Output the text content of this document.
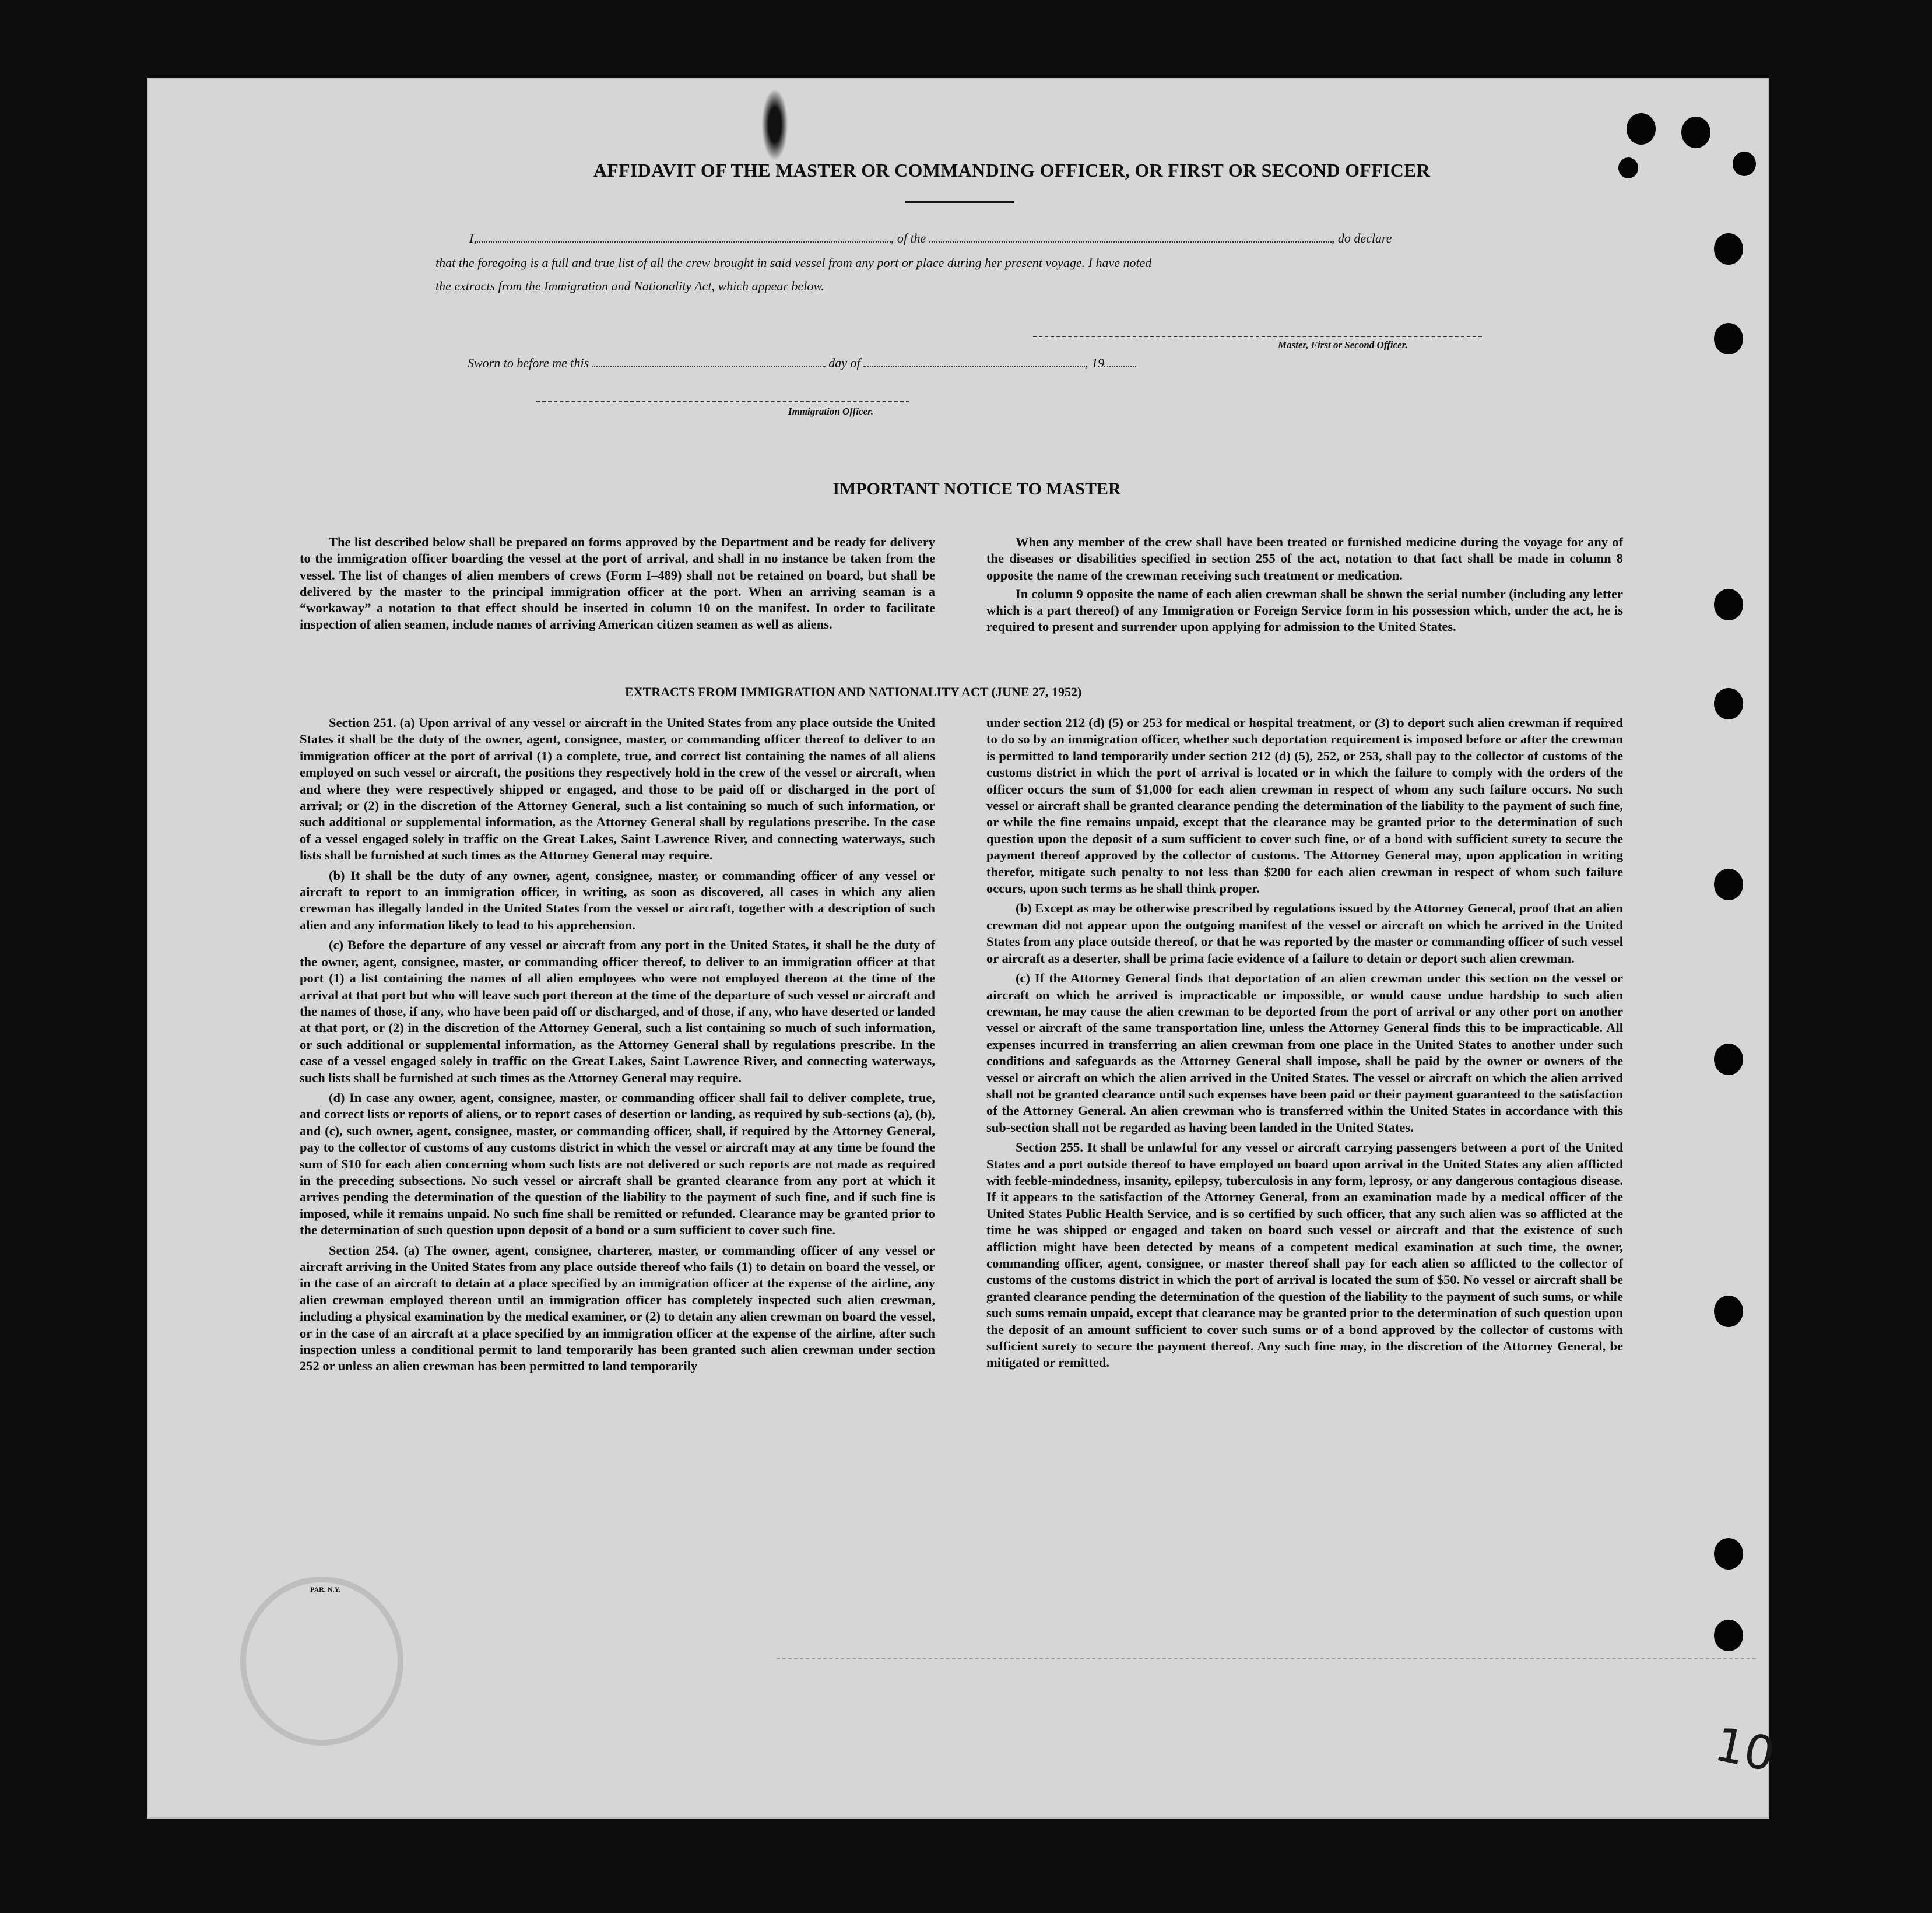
AFFIDAVIT OF THE MASTER OR COMMANDING OFFICER, OR FIRST OR SECOND OFFICER
I,	, of the	, do declare
that the foregoing is a full and true list of all the crew brought in said vessel from any port or place during her present voyage. I have noted
the extracts from the Immigration and Nationality Act, which appear below.
Master, First or Second Officer.
Sworn to before me this	day of	, 19
Immigration Officer.
IMPORTANT NOTICE TO MASTER

The list described below shall be prepared on forms approved by the Department and be ready for delivery to the immigration officer boarding the vessel at the port of arrival, and shall in no instance be taken from the vessel. The list of changes of alien members of crews (Form I–489) shall not be retained on board, but shall be delivered by the master to the principal immigration officer at the port. When an arriving seaman is a “workaway” a notation to that effect should be inserted in column 10 on the manifest. In order to facilitate inspection of alien seamen, include names of arriving American citizen seamen as well as aliens.

When any member of the crew shall have been treated or furnished medicine during the voyage for any of the diseases or disabilities specified in section 255 of the act, notation to that fact shall be made in column 8 opposite the name of the crewman receiving such treatment or medication.

In column 9 opposite the name of each alien crewman shall be shown the serial number (including any letter which is a part thereof) of any Immigration or Foreign Service form in his possession which, under the act, he is required to present and surrender upon applying for admission to the United States.

EXTRACTS FROM IMMIGRATION AND NATIONALITY ACT (JUNE 27, 1952)

Section 251. (a) Upon arrival of any vessel or aircraft in the United States from any place outside the United States it shall be the duty of the owner, agent, consignee, master, or commanding officer thereof to deliver to an immigration officer at the port of arrival (1) a complete, true, and correct list containing the names of all aliens employed on such vessel or aircraft, the positions they respectively hold in the crew of the vessel or aircraft, when and where they were respectively shipped or engaged, and those to be paid off or discharged in the port of arrival; or (2) in the discretion of the Attorney General, such a list containing so much of such information, or such additional or supplemental information, as the Attorney General shall by regulations prescribe. In the case of a vessel engaged solely in traffic on the Great Lakes, Saint Lawrence River, and connecting waterways, such lists shall be furnished at such times as the Attorney General may require.

(b) It shall be the duty of any owner, agent, consignee, master, or commanding officer of any vessel or aircraft to report to an immigration officer, in writing, as soon as discovered, all cases in which any alien crewman has illegally landed in the United States from the vessel or aircraft, together with a description of such alien and any information likely to lead to his apprehension.

(c) Before the departure of any vessel or aircraft from any port in the United States, it shall be the duty of the owner, agent, consignee, master, or commanding officer thereof, to deliver to an immigration officer at that port (1) a list containing the names of all alien employees who were not employed thereon at the time of the arrival at that port but who will leave such port thereon at the time of the departure of such vessel or aircraft and the names of those, if any, who have been paid off or discharged, and of those, if any, who have deserted or landed at that port, or (2) in the discretion of the Attorney General, such a list containing so much of such information, or such additional or supplemental information, as the Attorney General shall by regulations prescribe. In the case of a vessel engaged solely in traffic on the Great Lakes, Saint Lawrence River, and connecting waterways, such lists shall be furnished at such times as the Attorney General may require.

(d) In case any owner, agent, consignee, master, or commanding officer shall fail to deliver complete, true, and correct lists or reports of aliens, or to report cases of desertion or landing, as required by sub-sections (a), (b), and (c), such owner, agent, consignee, master, or commanding officer, shall, if required by the Attorney General, pay to the collector of customs of any customs district in which the vessel or aircraft may at any time be found the sum of $10 for each alien concerning whom such lists are not delivered or such reports are not made as required in the preceding subsections. No such vessel or aircraft shall be granted clearance from any port at which it arrives pending the determination of the question of the liability to the payment of such fine, and if such fine is imposed, while it remains unpaid. No such fine shall be remitted or refunded. Clearance may be granted prior to the determination of such question upon deposit of a bond or a sum sufficient to cover such fine.

Section 254. (a) The owner, agent, consignee, charterer, master, or commanding officer of any vessel or aircraft arriving in the United States from any place outside thereof who fails (1) to detain on board the vessel, or in the case of an aircraft to detain at a place specified by an immigration officer at the expense of the airline, any alien crewman employed thereon until an immigration officer has completely inspected such alien crewman, including a physical examination by the medical examiner, or (2) to detain any alien crewman on board the vessel, or in the case of an aircraft at a place specified by an immigration officer at the expense of the airline, after such inspection unless a conditional permit to land temporarily has been granted such alien crewman under section 252 or unless an alien crewman has been permitted to land temporarily

under section 212 (d) (5) or 253 for medical or hospital treatment, or (3) to deport such alien crewman if required to do so by an immigration officer, whether such deportation requirement is imposed before or after the crewman is permitted to land temporarily under section 212 (d) (5), 252, or 253, shall pay to the collector of customs of the customs district in which the port of arrival is located or in which the failure to comply with the orders of the officer occurs the sum of $1,000 for each alien crewman in respect of whom any such failure occurs. No such vessel or aircraft shall be granted clearance pending the determination of the liability to the payment of such fine, or while the fine remains unpaid, except that the clearance may be granted prior to the determination of such question upon the deposit of a sum sufficient to cover such fine, or of a bond with sufficient surety to secure the payment thereof approved by the collector of customs. The Attorney General may, upon application in writing therefor, mitigate such penalty to not less than $200 for each alien crewman in respect of whom such failure occurs, upon such terms as he shall think proper.

(b) Except as may be otherwise prescribed by regulations issued by the Attorney General, proof that an alien crewman did not appear upon the outgoing manifest of the vessel or aircraft on which he arrived in the United States from any place outside thereof, or that he was reported by the master or commanding officer of such vessel or aircraft as a deserter, shall be prima facie evidence of a failure to detain or deport such alien crewman.

(c) If the Attorney General finds that deportation of an alien crewman under this section on the vessel or aircraft on which he arrived is impracticable or impossible, or would cause undue hardship to such alien crewman, he may cause the alien crewman to be deported from the port of arrival or any other port on another vessel or aircraft of the same transportation line, unless the Attorney General finds this to be impracticable. All expenses incurred in transferring an alien crewman from one place in the United States to another under such conditions and safeguards as the Attorney General shall impose, shall be paid by the owner or owners of the vessel or aircraft on which the alien arrived in the United States. The vessel or aircraft on which the alien arrived shall not be granted clearance until such expenses have been paid or their payment guaranteed to the satisfaction of the Attorney General. An alien crewman who is transferred within the United States in accordance with this sub-section shall not be regarded as having been landed in the United States.

Section 255. It shall be unlawful for any vessel or aircraft carrying passengers between a port of the United States and a port outside thereof to have employed on board upon arrival in the United States any alien afflicted with feeble-mindedness, insanity, epilepsy, tuberculosis in any form, leprosy, or any dangerous contagious disease. If it appears to the satisfaction of the Attorney General, from an examination made by a medical officer of the United States Public Health Service, and is so certified by such officer, that any such alien was so afflicted at the time he was shipped or engaged and taken on board such vessel or aircraft and that the existence of such affliction might have been detected by means of a competent medical examination at such time, the owner, commanding officer, agent, consignee, or master thereof shall pay for each alien so afflicted to the collector of customs of the customs district in which the port of arrival is located the sum of $50. No vessel or aircraft shall be granted clearance pending the determination of the question of the liability to the payment of such sums, or while such sums remain unpaid, except that clearance may be granted prior to the determination of such question upon the deposit of an amount sufficient to cover such sums or of a bond approved by the collector of customs with sufficient surety to secure the payment thereof. Any such fine may, in the discretion of the Attorney General, be mitigated or remitted.

PAR. N.Y.
10
